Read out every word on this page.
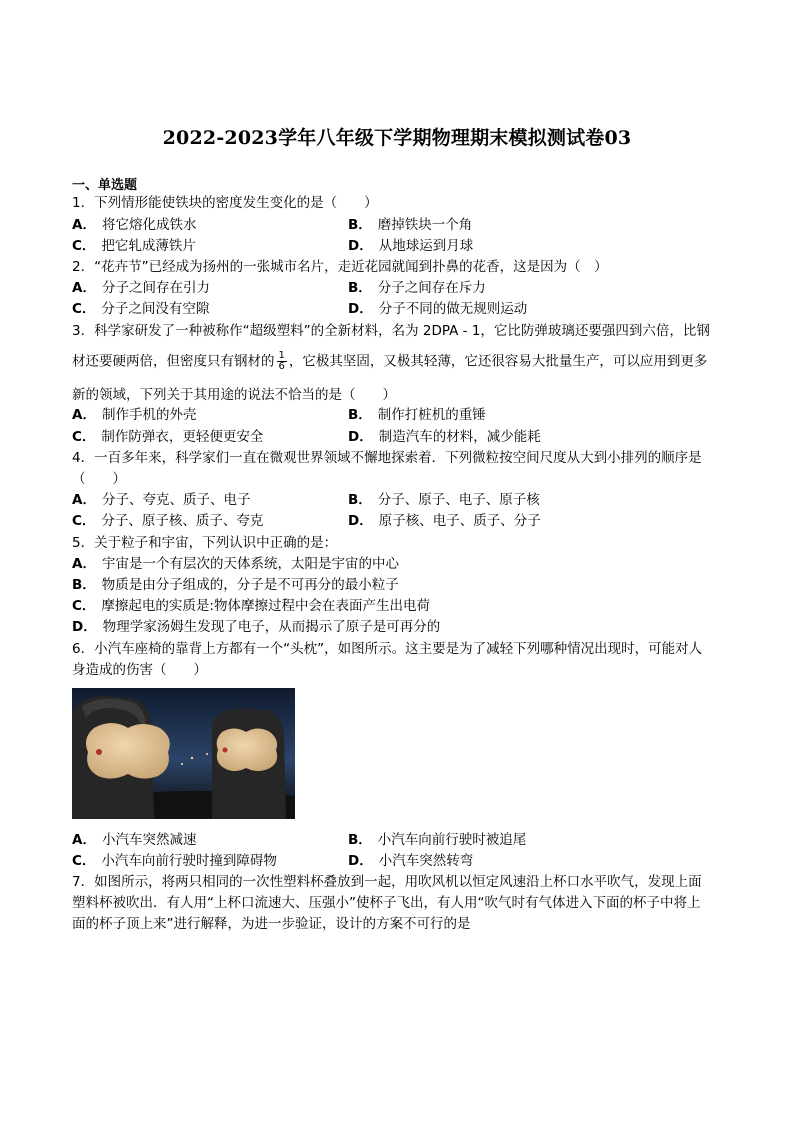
2022-2023学年八年级下学期物理期末模拟测试卷03
一、单选题
1．下列情形能使铁块的密度发生变化的是（　　）
A． 将它熔化成铁水	B． 磨掉铁块一个角
C． 把它轧成薄铁片	D． 从地球运到月球
2．“花卉节”已经成为扬州的一张城市名片，走近花园就闻到扑鼻的花香，这是因为（　）
A． 分子之间存在引力	B． 分子之间存在斥力
C． 分子之间没有空隙	D． 分子不同的做无规则运动
3．科学家研发了一种被称作“超级塑料”的全新材料，名为 2DPA - 1，它比防弹玻璃还要强四到六倍，比钢
材还要硬两倍，但密度只有钢材的 $\frac{1}{6}$ ，它极其坚固，又极其轻薄，它还很容易大批量生产，可以应用到更多
新的领域，下列关于其用途的说法不恰当的是（　　）
A． 制作手机的外壳	B． 制作打桩机的重锤
C． 制作防弹衣，更轻便更安全	D． 制造汽车的材料，减少能耗
4．一百多年来，科学家们一直在微观世界领域不懈地探索着．下列微粒按空间尺度从大到小排列的顺序是
（　　）
A． 分子、夸克、质子、电子	B． 分子、原子、电子、原子核
C． 分子、原子核、质子、夸克	D． 原子核、电子、质子、分子
5．关于粒子和宇宙，下列认识中正确的是：
A． 宇宙是一个有层次的天体系统，太阳是宇宙的中心
B． 物质是由分子组成的，分子是不可再分的最小粒子
C． 摩擦起电的实质是:物体摩擦过程中会在表面产生出电荷
D． 物理学家汤姆生发现了电子，从而揭示了原子是可再分的
6．小汽车座椅的靠背上方都有一个“头枕”，如图所示。这主要是为了减轻下列哪种情况出现时，可能对人
身造成的伤害（　　）
A． 小汽车突然减速	B． 小汽车向前行驶时被追尾
C． 小汽车向前行驶时撞到障碍物	D． 小汽车突然转弯
7．如图所示，将两只相同的一次性塑料杯叠放到一起，用吹风机以恒定风速沿上杯口水平吹气，发现上面
塑料杯被吹出．有人用“上杯口流速大、压强小”使杯子飞出，有人用“吹气时有气体进入下面的杯子中将上
面的杯子顶上来”进行解释，为进一步验证，设计的方案不可行的是
